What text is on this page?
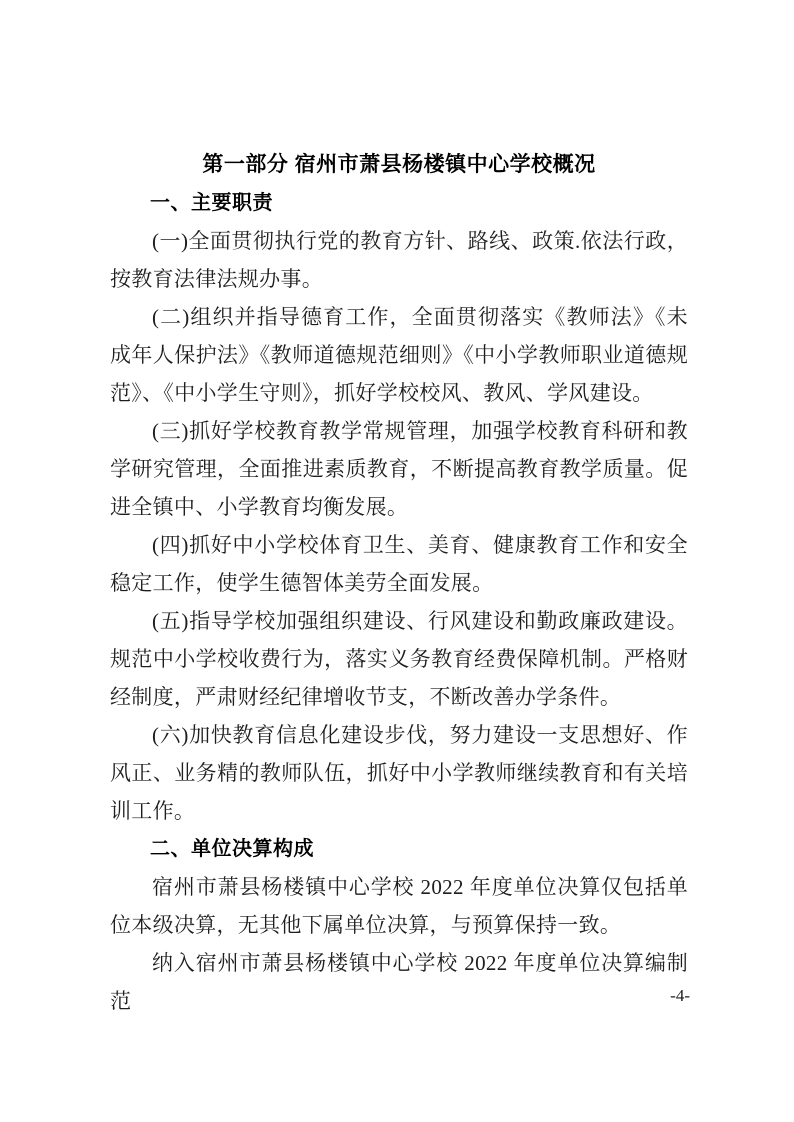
第一部分 宿州市萧县杨楼镇中心学校概况
一、主要职责

(一)全面贯彻执行党的教育方针、路线、政策.依法行政，按教育法律法规办事。

(二)组织并指导德育工作，全面贯彻落实《教师法》《未成年人保护法》《教师道德规范细则》《中小学教师职业道德规范》、《中小学生守则》，抓好学校校风、教风、学风建设。

(三)抓好学校教育教学常规管理，加强学校教育科研和教学研究管理，全面推进素质教育，不断提高教育教学质量。促进全镇中、小学教育均衡发展。

(四)抓好中小学校体育卫生、美育、健康教育工作和安全稳定工作，使学生德智体美劳全面发展。

(五)指导学校加强组织建设、行风建设和勤政廉政建设。规范中小学校收费行为，落实义务教育经费保障机制。严格财经制度，严肃财经纪律增收节支，不断改善办学条件。

(六)加快教育信息化建设步伐，努力建设一支思想好、作风正、业务精的教师队伍，抓好中小学教师继续教育和有关培训工作。

二、单位决算构成

宿州市萧县杨楼镇中心学校 2022 年度单位决算仅包括单位本级决算，无其他下属单位决算，与预算保持一致。

纳入宿州市萧县杨楼镇中心学校 2022 年度单位决算编制范	-4-
